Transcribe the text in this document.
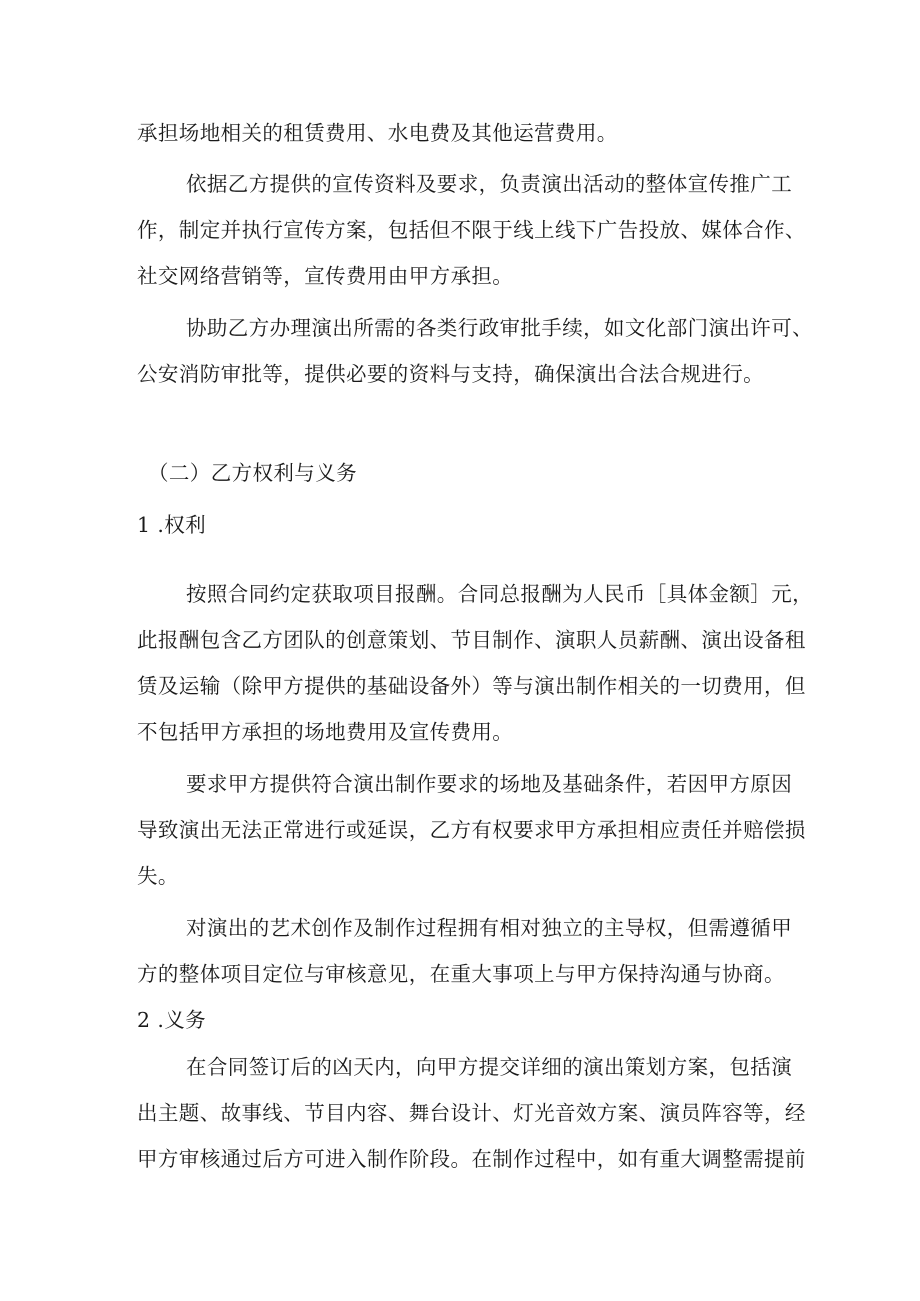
承担场地相关的租赁费用、水电费及其他运营费用。
依据乙方提供的宣传资料及要求，负责演出活动的整体宣传推广工
作，制定并执行宣传方案，包括但不限于线上线下广告投放、媒体合作、
社交网络营销等，宣传费用由甲方承担。
协助乙方办理演出所需的各类行政审批手续，如文化部门演出许可、
公安消防审批等，提供必要的资料与支持，确保演出合法合规进行。
（二）乙方权利与义务
1 .权利
按照合同约定获取项目报酬。合同总报酬为人民币［具体金额］元，
此报酬包含乙方团队的创意策划、节目制作、演职人员薪酬、演出设备租
赁及运输（除甲方提供的基础设备外）等与演出制作相关的一切费用，但
不包括甲方承担的场地费用及宣传费用。
要求甲方提供符合演出制作要求的场地及基础条件，若因甲方原因
导致演出无法正常进行或延误，乙方有权要求甲方承担相应责任并赔偿损
失。
对演出的艺术创作及制作过程拥有相对独立的主导权，但需遵循甲
方的整体项目定位与审核意见，在重大事项上与甲方保持沟通与协商。
2 .义务
在合同签订后的凶天内，向甲方提交详细的演出策划方案，包括演
出主题、故事线、节目内容、舞台设计、灯光音效方案、演员阵容等，经
甲方审核通过后方可进入制作阶段。在制作过程中，如有重大调整需提前
